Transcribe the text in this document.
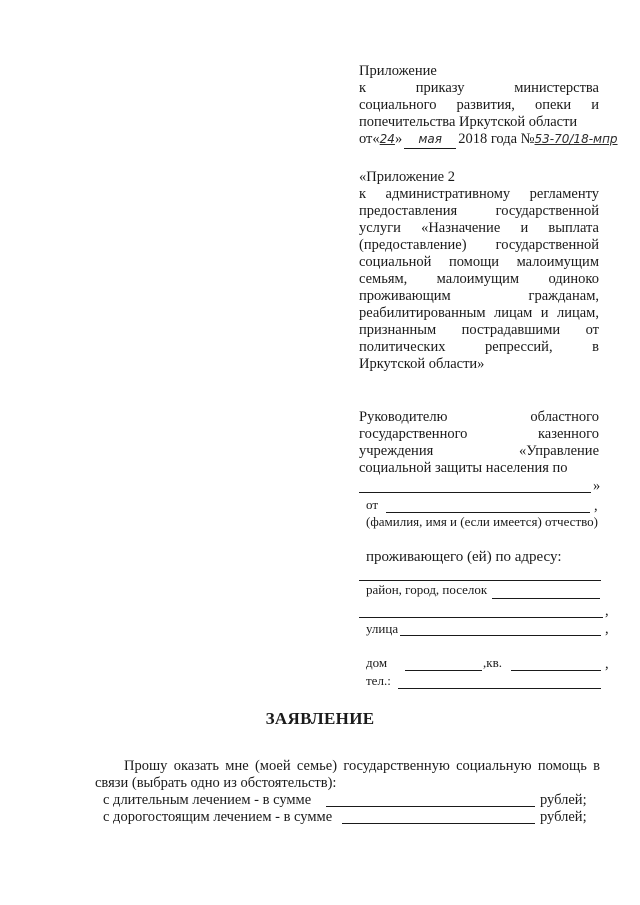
Приложение
к приказу министерства
социального развития, опеки и
попечительства Иркутской области
от«24» мая 2018 года №53-70/18-мпр
«Приложение 2
к административному регламенту
предоставления государственной
услуги «Назначение и выплата
(предоставление) государственной
социальной помощи малоимущим
семьям, малоимущим одиноко
проживающим гражданам,
реабилитированным лицам и лицам,
признанным пострадавшими от
политических репрессий, в
Иркутской области»
Руководителю областного
государственного казенного
учреждения «Управление
социальной защиты населения по
»
от	,
(фамилия, имя и (если имеется) отчество)
проживающего (ей) по адресу:
район, город, поселок
,
улица	,
дом	,кв.	,
тел.:
ЗАЯВЛЕНИЕ
Прошу оказать мне (моей семье) государственную социальную помощь в
связи (выбрать одно из обстоятельств):
с длительным лечением - в сумме	рублей;
с дорогостоящим лечением - в сумме	рублей;
